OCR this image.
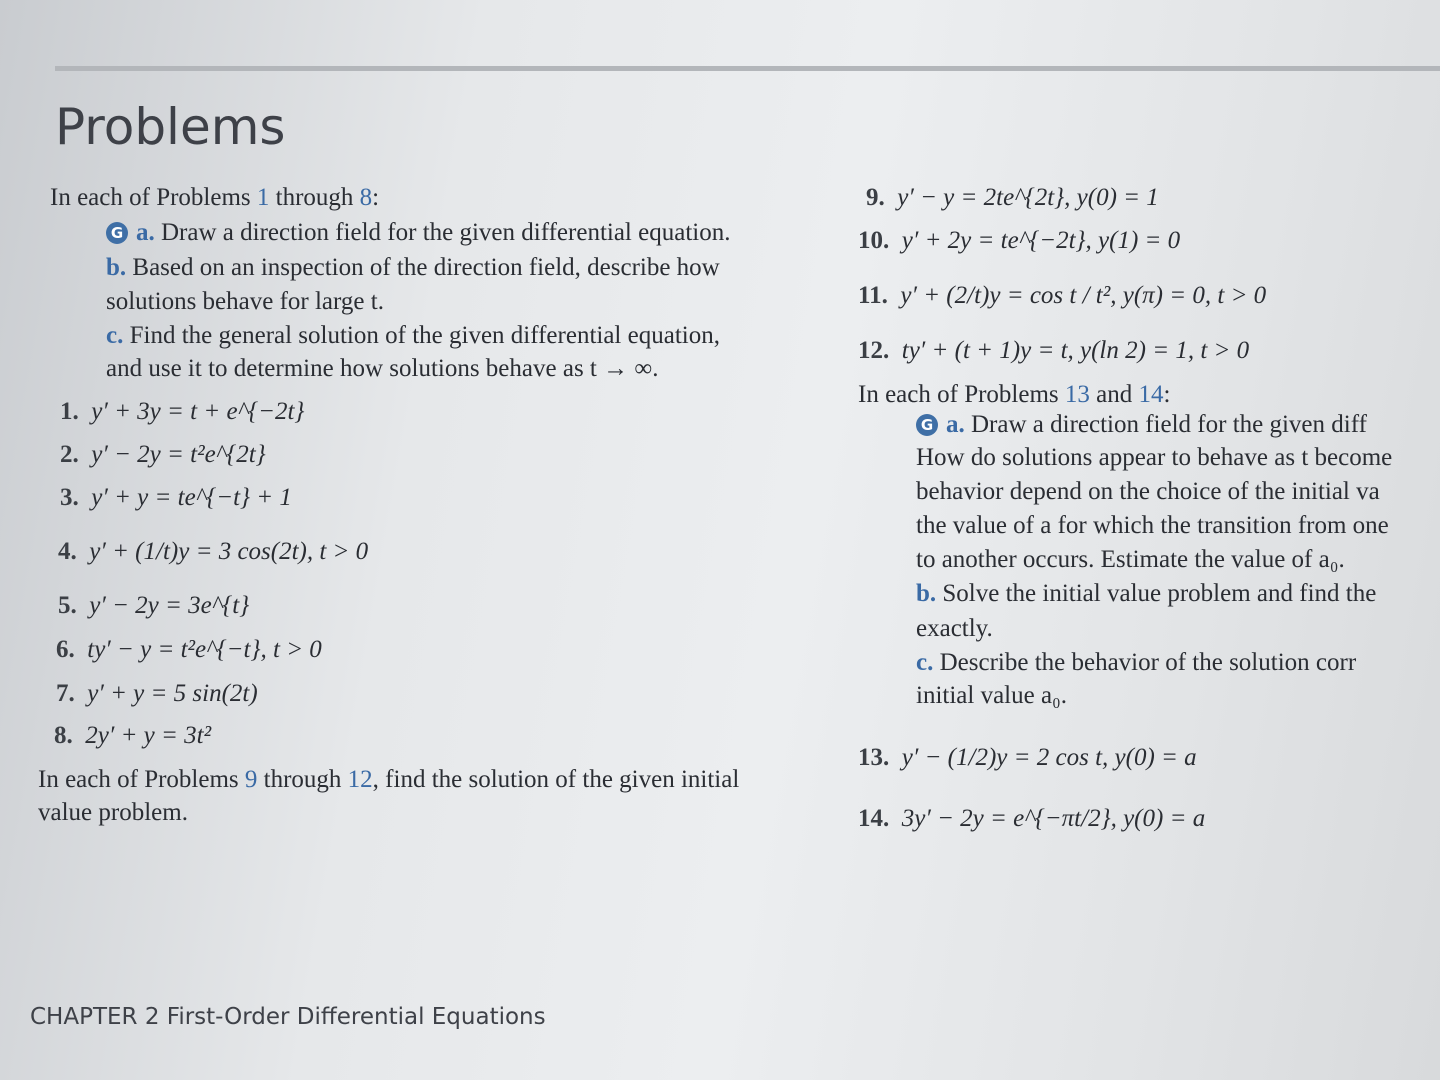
Problems
In each of Problems 1 through 8:
G a. Draw a direction field for the given differential equation.
b. Based on an inspection of the direction field, describe how
solutions behave for large t.
c. Find the general solution of the given differential equation,
and use it to determine how solutions behave as t → ∞.
1. y′ + 3y = t + e^{−2t}
2. y′ − 2y = t²e^{2t}
3. y′ + y = te^{−t} + 1
4. y′ + (1/t)y = 3 cos(2t), t > 0
5. y′ − 2y = 3e^{t}
6. ty′ − y = t²e^{−t}, t > 0
7. y′ + y = 5 sin(2t)
8. 2y′ + y = 3t²
In each of Problems 9 through 12, find the solution of the given initial
value problem.
9. y′ − y = 2te^{2t}, y(0) = 1
10. y′ + 2y = te^{−2t}, y(1) = 0
11. y′ + (2/t)y = cos t / t², y(π) = 0, t > 0
12. ty′ + (t + 1)y = t, y(ln 2) = 1, t > 0
In each of Problems 13 and 14:
G a. Draw a direction field for the given diff
How do solutions appear to behave as t become
behavior depend on the choice of the initial va
the value of a for which the transition from one
to another occurs. Estimate the value of a₀.
b. Solve the initial value problem and find the
exactly.
c. Describe the behavior of the solution corr
initial value a₀.
13. y′ − (1/2)y = 2 cos t, y(0) = a
14. 3y′ − 2y = e^{−πt/2}, y(0) = a
CHAPTER 2 First-Order Differential Equations
